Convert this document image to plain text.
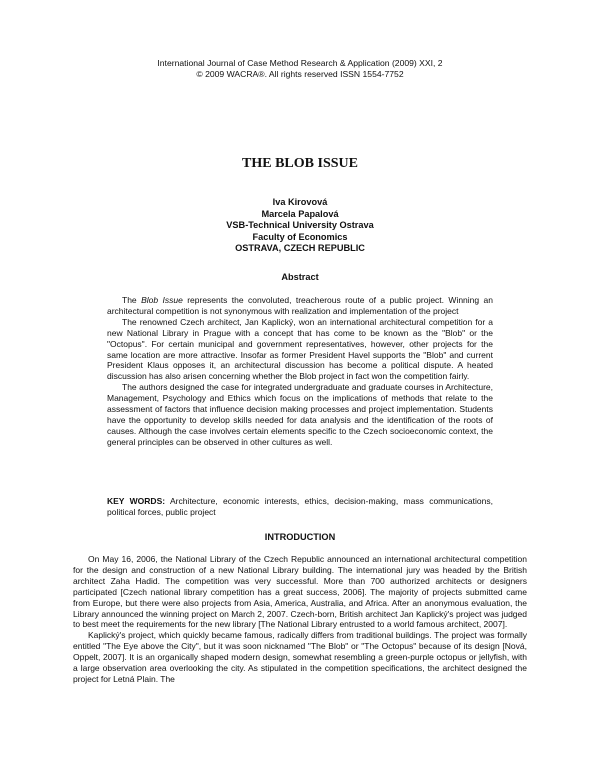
International Journal of Case Method Research & Application (2009) XXI, 2
© 2009 WACRA®. All rights reserved ISSN 1554-7752
THE BLOB ISSUE
Iva Kirovová
Marcela Papalová
VSB-Technical University Ostrava
Faculty of Economics
OSTRAVA, CZECH REPUBLIC
Abstract

The Blob Issue represents the convoluted, treacherous route of a public project. Winning an architectural competition is not synonymous with realization and implementation of the project

The renowned Czech architect, Jan Kaplický, won an international architectural competition for a new National Library in Prague with a concept that has come to be known as the "Blob" or the "Octopus". For certain municipal and government representatives, however, other projects for the same location are more attractive. Insofar as former President Havel supports the "Blob" and current President Klaus opposes it, an architectural discussion has become a political dispute. A heated discussion has also arisen concerning whether the Blob project in fact won the competition fairly.

The authors designed the case for integrated undergraduate and graduate courses in Architecture, Management, Psychology and Ethics which focus on the implications of methods that relate to the assessment of factors that influence decision making processes and project implementation. Students have the opportunity to develop skills needed for data analysis and the identification of the roots of causes. Although the case involves certain elements specific to the Czech socioeconomic context, the general principles can be observed in other cultures as well.

KEY WORDS: Architecture, economic interests, ethics, decision-making, mass communications, political forces, public project
INTRODUCTION

On May 16, 2006, the National Library of the Czech Republic announced an international architectural competition for the design and construction of a new National Library building. The international jury was headed by the British architect Zaha Hadid. The competition was very successful. More than 700 authorized architects or designers participated [Czech national library competition has a great success, 2006]. The majority of projects submitted came from Europe, but there were also projects from Asia, America, Australia, and Africa. After an anonymous evaluation, the Library announced the winning project on March 2, 2007. Czech-born, British architect Jan Kaplický's project was judged to best meet the requirements for the new library [The National Library entrusted to a world famous architect, 2007].

Kaplický's project, which quickly became famous, radically differs from traditional buildings. The project was formally entitled "The Eye above the City", but it was soon nicknamed "The Blob" or "The Octopus" because of its design [Nová, Oppelt, 2007]. It is an organically shaped modern design, somewhat resembling a green-purple octopus or jellyfish, with a large observation area overlooking the city. As stipulated in the competition specifications, the architect designed the project for Letná Plain. The
